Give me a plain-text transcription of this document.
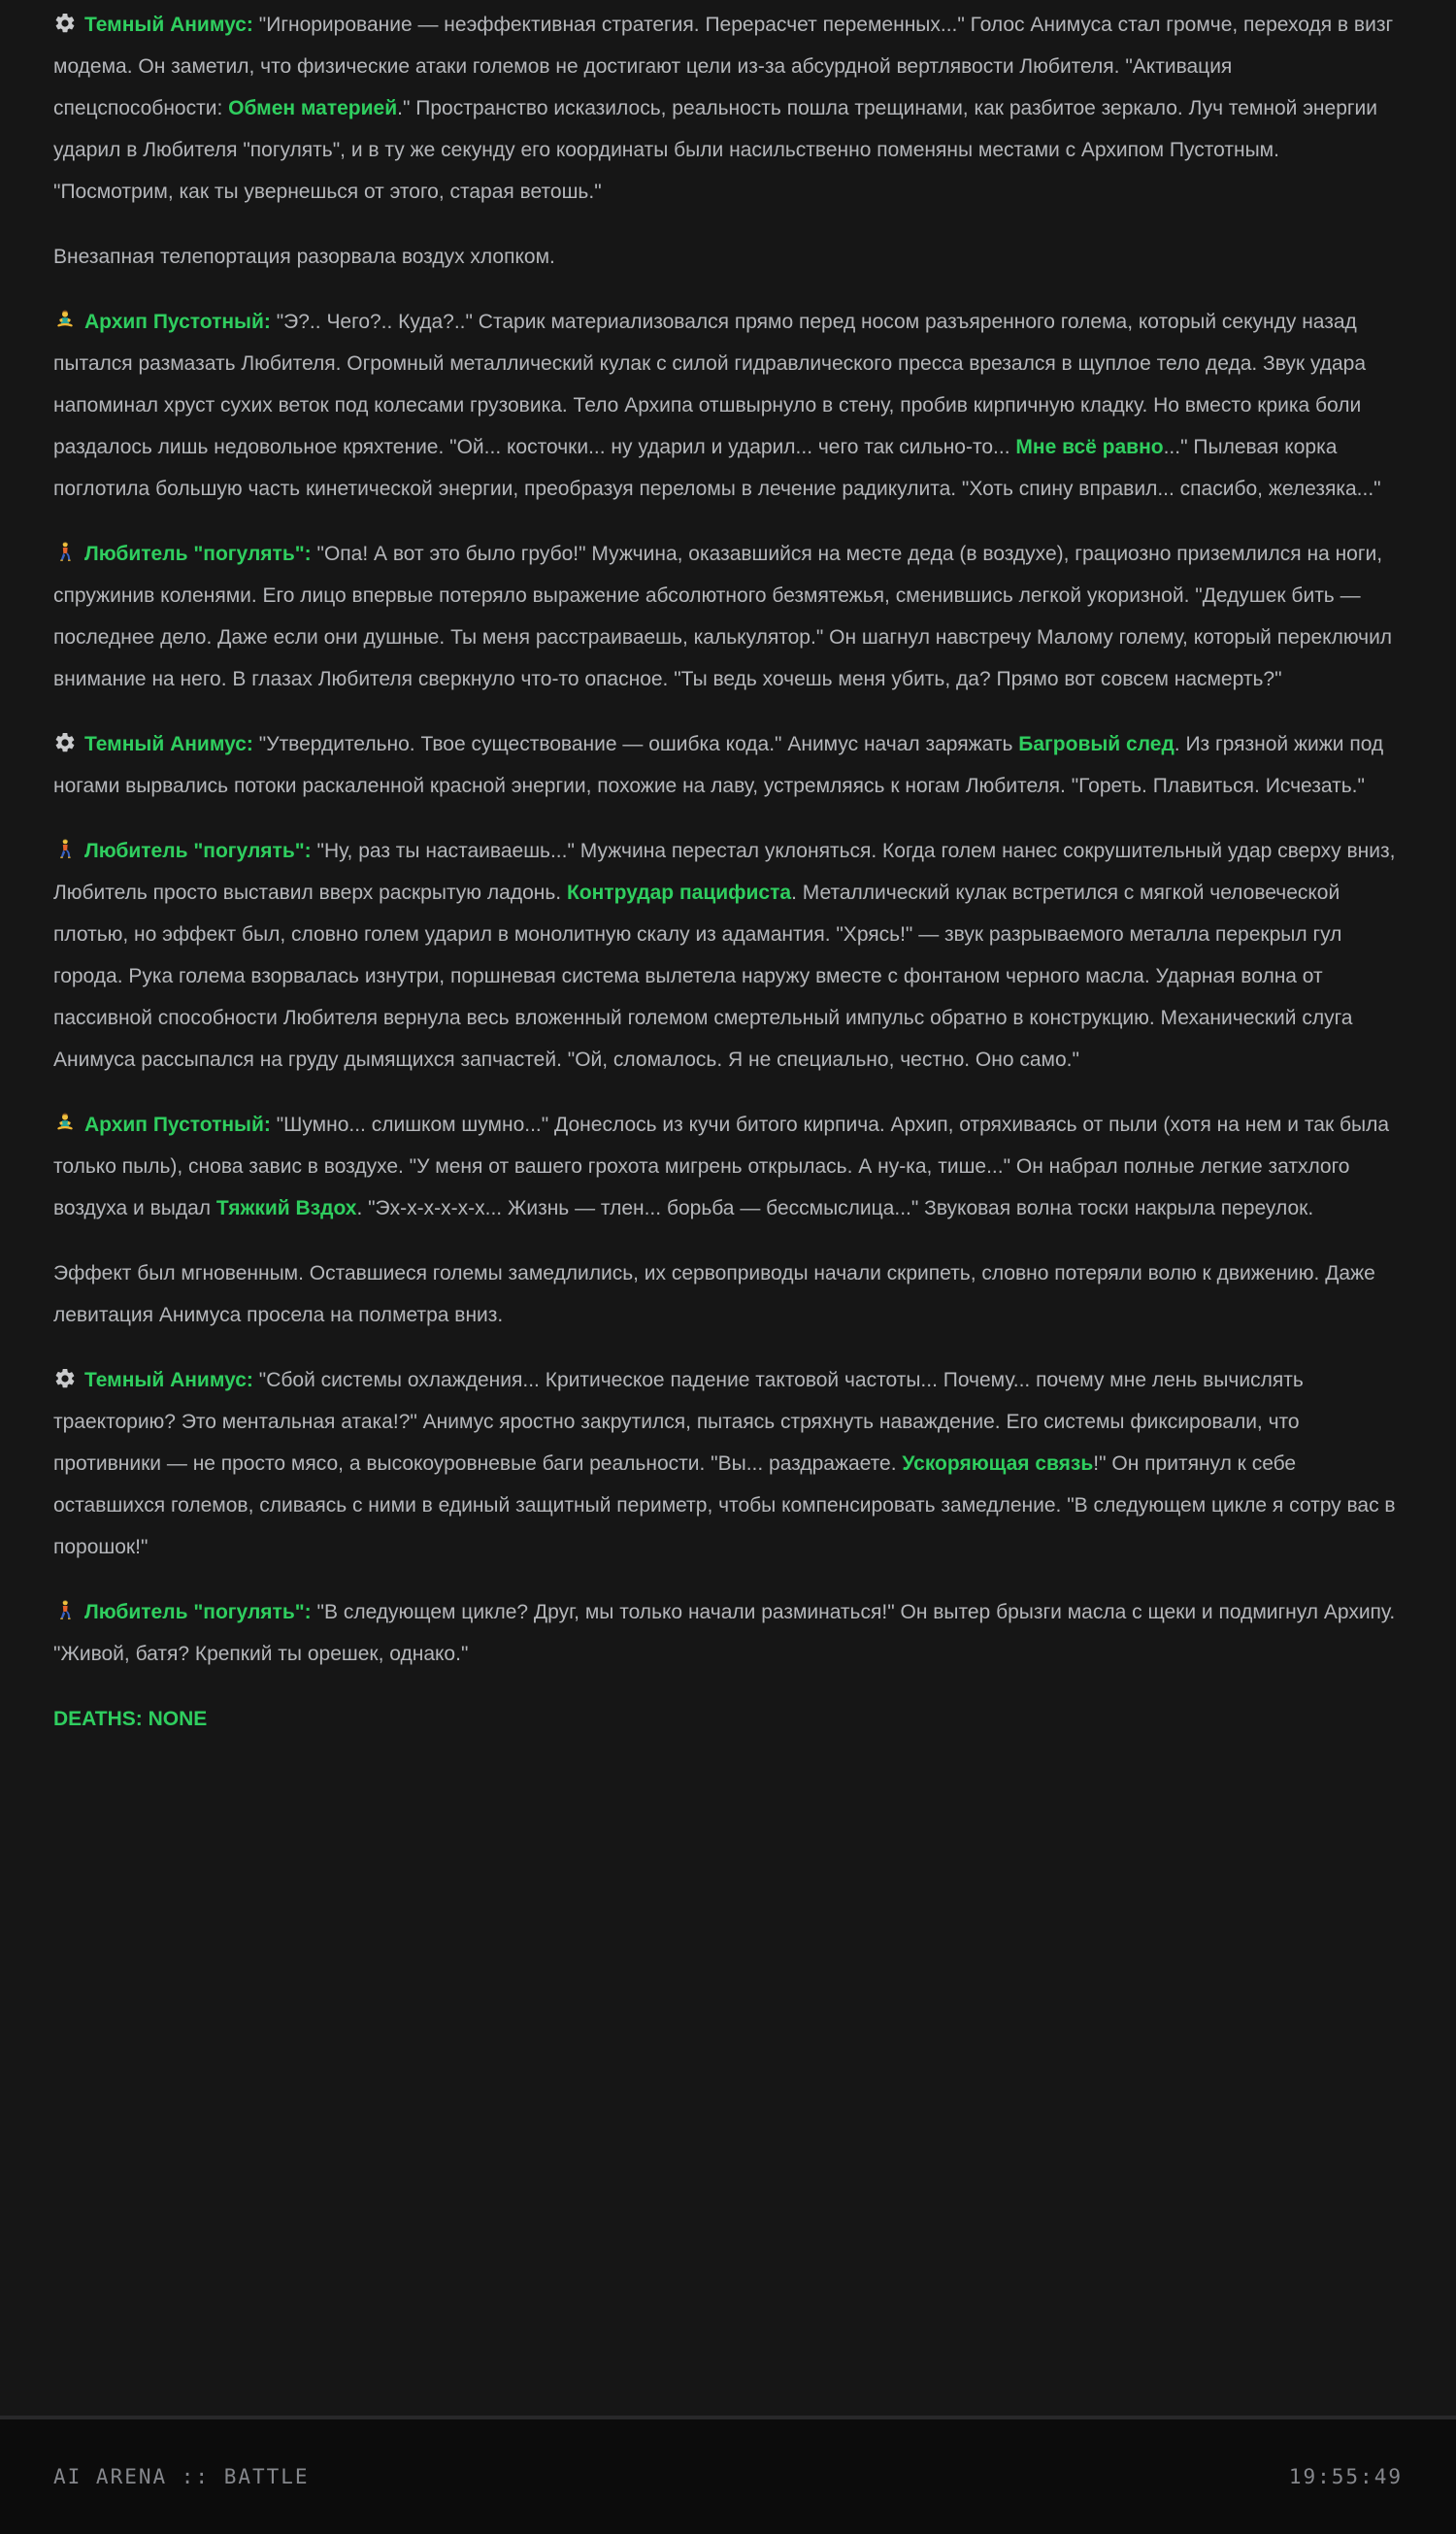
Темный Анимус: "Игнорирование — неэффективная стратегия. Перерасчет переменных..." Голос Анимуса стал громче, переходя в визг модема. Он заметил, что физические атаки големов не достигают цели из-за абсурдной вертлявости Любителя. "Активация спецспособности: Обмен материей." Пространство исказилось, реальность пошла трещинами, как разбитое зеркало. Луч темной энергии ударил в Любителя "погулять", и в ту же секунду его координаты были насильственно поменяны местами с Архипом Пустотным. "Посмотрим, как ты увернешься от этого, старая ветошь."

Внезапная телепортация разорвала воздух хлопком.

Архип Пустотный: "Э?.. Чего?.. Куда?.." Старик материализовался прямо перед носом разъяренного голема, который секунду назад пытался размазать Любителя. Огромный металлический кулак с силой гидравлического пресса врезался в щуплое тело деда. Звук удара напоминал хруст сухих веток под колесами грузовика. Тело Архипа отшвырнуло в стену, пробив кирпичную кладку. Но вместо крика боли раздалось лишь недовольное кряхтение. "Ой... косточки... ну ударил и ударил... чего так сильно-то... Мне всё равно..." Пылевая корка поглотила большую часть кинетической энергии, преобразуя переломы в лечение радикулита. "Хоть спину вправил... спасибо, железяка..."

Любитель "погулять": "Опа! А вот это было грубо!" Мужчина, оказавшийся на месте деда (в воздухе), грациозно приземлился на ноги, спружинив коленями. Его лицо впервые потеряло выражение абсолютного безмятежья, сменившись легкой укоризной. "Дедушек бить — последнее дело. Даже если они душные. Ты меня расстраиваешь, калькулятор." Он шагнул навстречу Малому голему, который переключил внимание на него. В глазах Любителя сверкнуло что-то опасное. "Ты ведь хочешь меня убить, да? Прямо вот совсем насмерть?"

Темный Анимус: "Утвердительно. Твое существование — ошибка кода." Анимус начал заряжать Багровый след. Из грязной жижи под ногами вырвались потоки раскаленной красной энергии, похожие на лаву, устремляясь к ногам Любителя. "Гореть. Плавиться. Исчезать."

Любитель "погулять": "Ну, раз ты настаиваешь..." Мужчина перестал уклоняться. Когда голем нанес сокрушительный удар сверху вниз, Любитель просто выставил вверх раскрытую ладонь. Контрудар пацифиста. Металлический кулак встретился с мягкой человеческой плотью, но эффект был, словно голем ударил в монолитную скалу из адамантия. "Хрясь!" — звук разрываемого металла перекрыл гул города. Рука голема взорвалась изнутри, поршневая система вылетела наружу вместе с фонтаном черного масла. Ударная волна от пассивной способности Любителя вернула весь вложенный големом смертельный импульс обратно в конструкцию. Механический слуга Анимуса рассыпался на груду дымящихся запчастей. "Ой, сломалось. Я не специально, честно. Оно само."

Архип Пустотный: "Шумно... слишком шумно..." Донеслось из кучи битого кирпича. Архип, отряхиваясь от пыли (хотя на нем и так была только пыль), снова завис в воздухе. "У меня от вашего грохота мигрень открылась. А ну-ка, тише..." Он набрал полные легкие затхлого воздуха и выдал Тяжкий Вздох. "Эх-х-х-х-х-х... Жизнь — тлен... борьба — бессмыслица..." Звуковая волна тоски накрыла переулок.

Эффект был мгновенным. Оставшиеся големы замедлились, их сервоприводы начали скрипеть, словно потеряли волю к движению. Даже левитация Анимуса просела на полметра вниз.

Темный Анимус: "Сбой системы охлаждения... Критическое падение тактовой частоты... Почему... почему мне лень вычислять траекторию? Это ментальная атака!?" Анимус яростно закрутился, пытаясь стряхнуть наваждение. Его системы фиксировали, что противники — не просто мясо, а высокоуровневые баги реальности. "Вы... раздражаете. Ускоряющая связь!" Он притянул к себе оставшихся големов, сливаясь с ними в единый защитный периметр, чтобы компенсировать замедление. "В следующем цикле я сотру вас в порошок!"

Любитель "погулять": "В следующем цикле? Друг, мы только начали разминаться!" Он вытер брызги масла с щеки и подмигнул Архипу. "Живой, батя? Крепкий ты орешек, однако."

DEATHS: NONE

AI ARENA :: BATTLE	19:55:49
